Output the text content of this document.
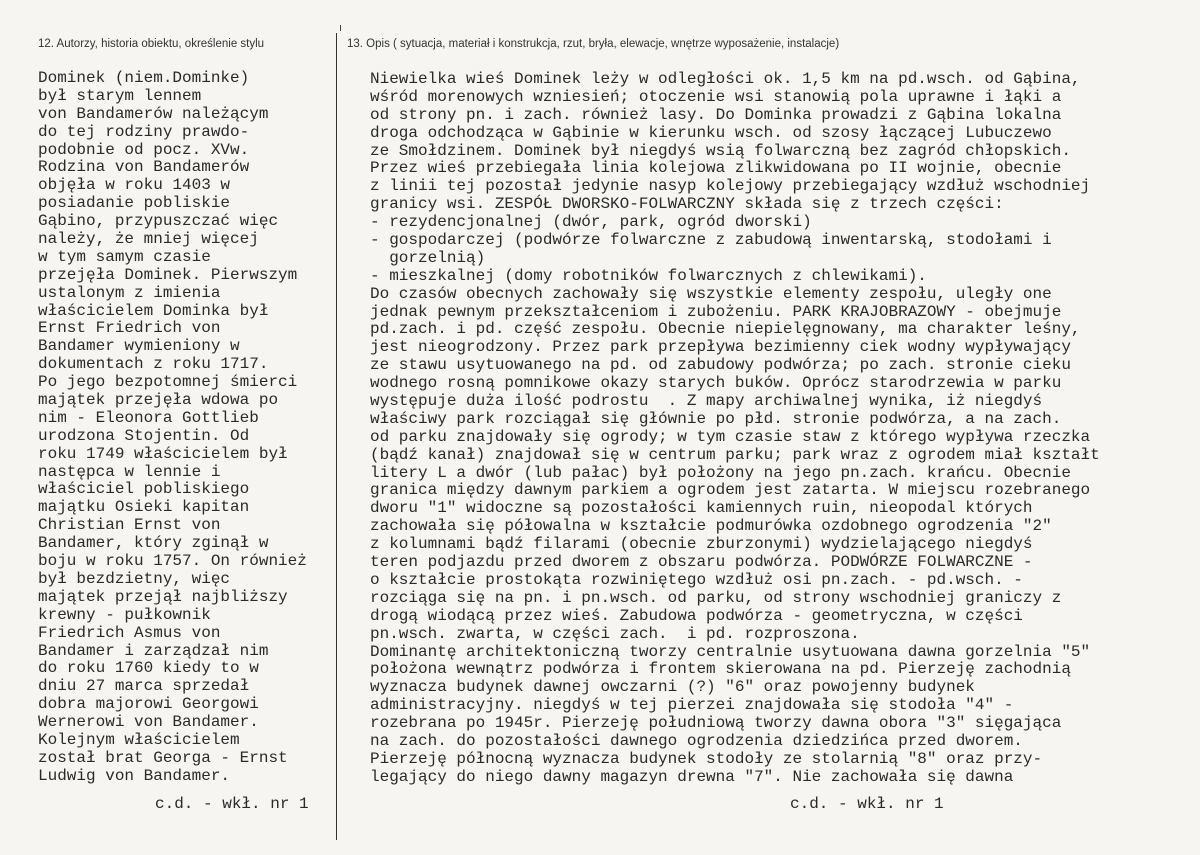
12. Autorzy, historia obiektu, określenie stylu	13. Opis ( sytuacja, materiał i konstrukcja, rzut, bryła, elewacje, wnętrze wyposażenie, instalacje)
Dominek (niem.Dominke)
był starym lennem
von Bandamerów należącym
do tej rodziny prawdo-
podobnie od pocz. XVw.
Rodzina von Bandamerów
objęła w roku 1403 w
posiadanie pobliskie
Gąbino, przypuszczać więc
należy, że mniej więcej
w tym samym czasie
przejęła Dominek. Pierwszym
ustalonym z imienia
właścicielem Dominka był
Ernst Friedrich von
Bandamer wymieniony w
dokumentach z roku 1717.
Po jego bezpotomnej śmierci
majątek przejęła wdowa po
nim - Eleonora Gottlieb
urodzona Stojentin. Od
roku 1749 właścicielem był
następca w lennie i
właściciel pobliskiego
majątku Osieki kapitan
Christian Ernst von
Bandamer, który zginął w
boju w roku 1757. On również
był bezdzietny, więc
majątek przejął najbliższy
krewny - pułkownik
Friedrich Asmus von
Bandamer i zarządzał nim
do roku 1760 kiedy to w
dniu 27 marca sprzedał
dobra majorowi Georgowi
Wernerowi von Bandamer.
Kolejnym właścicielem
został brat Georga - Ernst
Ludwig von Bandamer.
Niewielka wieś Dominek leży w odległości ok. 1,5 km na pd.wsch. od Gąbina,
wśród morenowych wzniesień; otoczenie wsi stanowią pola uprawne i łąki a
od strony pn. i zach. również lasy. Do Dominka prowadzi z Gąbina lokalna
droga odchodząca w Gąbinie w kierunku wsch. od szosy łączącej Lubuczewo
ze Smołdzinem. Dominek był niegdyś wsią folwarczną bez zagród chłopskich.
Przez wieś przebiegała linia kolejowa zlikwidowana po II wojnie, obecnie
z linii tej pozostał jedynie nasyp kolejowy przebiegający wzdłuż wschodniej
granicy wsi. ZESPÓŁ DWORSKO-FOLWARCZNY składa się z trzech części:
- rezydencjonalnej (dwór, park, ogród dworski)
- gospodarczej (podwórze folwarczne z zabudową inwentarską, stodołami i
gorzelnią)
- mieszkalnej (domy robotników folwarcznych z chlewikami).
Do czasów obecnych zachowały się wszystkie elementy zespołu, uległy one
jednak pewnym przekształceniom i zubożeniu. PARK KRAJOBRAZOWY - obejmuje
pd.zach. i pd. część zespołu. Obecnie niepielęgnowany, ma charakter leśny,
jest nieogrodzony. Przez park przepływa bezimienny ciek wodny wypływający
ze stawu usytuowanego na pd. od zabudowy podwórza; po zach. stronie cieku
wodnego rosną pomnikowe okazy starych buków. Oprócz starodrzewia w parku
występuje duża ilość podrostu  . Z mapy archiwalnej wynika, iż niegdyś
właściwy park rozciągał się głównie po płd. stronie podwórza, a na zach.
od parku znajdowały się ogrody; w tym czasie staw z którego wypływa rzeczka
(bądź kanał) znajdował się w centrum parku; park wraz z ogrodem miał kształt
litery L a dwór (lub pałac) był położony na jego pn.zach. krańcu. Obecnie
granica między dawnym parkiem a ogrodem jest zatarta. W miejscu rozebranego
dworu "1" widoczne są pozostałości kamiennych ruin, nieopodal których
zachowała się półowalna w kształcie podmurówka ozdobnego ogrodzenia "2"
z kolumnami bądź filarami (obecnie zburzonymi) wydzielającego niegdyś
teren podjazdu przed dworem z obszaru podwórza. PODWÓRZE FOLWARCZNE -
o kształcie prostokąta rozwiniętego wzdłuż osi pn.zach. - pd.wsch. -
rozciąga się na pn. i pn.wsch. od parku, od strony wschodniej graniczy z
drogą wiodącą przez wieś. Zabudowa podwórza - geometryczna, w części
pn.wsch. zwarta, w części zach.  i pd. rozproszona.
Dominantę architektoniczną tworzy centralnie usytuowana dawna gorzelnia "5"
położona wewnątrz podwórza i frontem skierowana na pd. Pierzeję zachodnią
wyznacza budynek dawnej owczarni (?) "6" oraz powojenny budynek
administracyjny. niegdyś w tej pierzei znajdowała się stodoła "4" -
rozebrana po 1945r. Pierzeję południową tworzy dawna obora "3" sięgająca
na zach. do pozostałości dawnego ogrodzenia dziedzińca przed dworem.
Pierzeję północną wyznacza budynek stodoły ze stolarnią "8" oraz przy-
legający do niego dawny magazyn drewna "7". Nie zachowała się dawna
c.d. - wkł. nr 1	c.d. - wkł. nr 1
